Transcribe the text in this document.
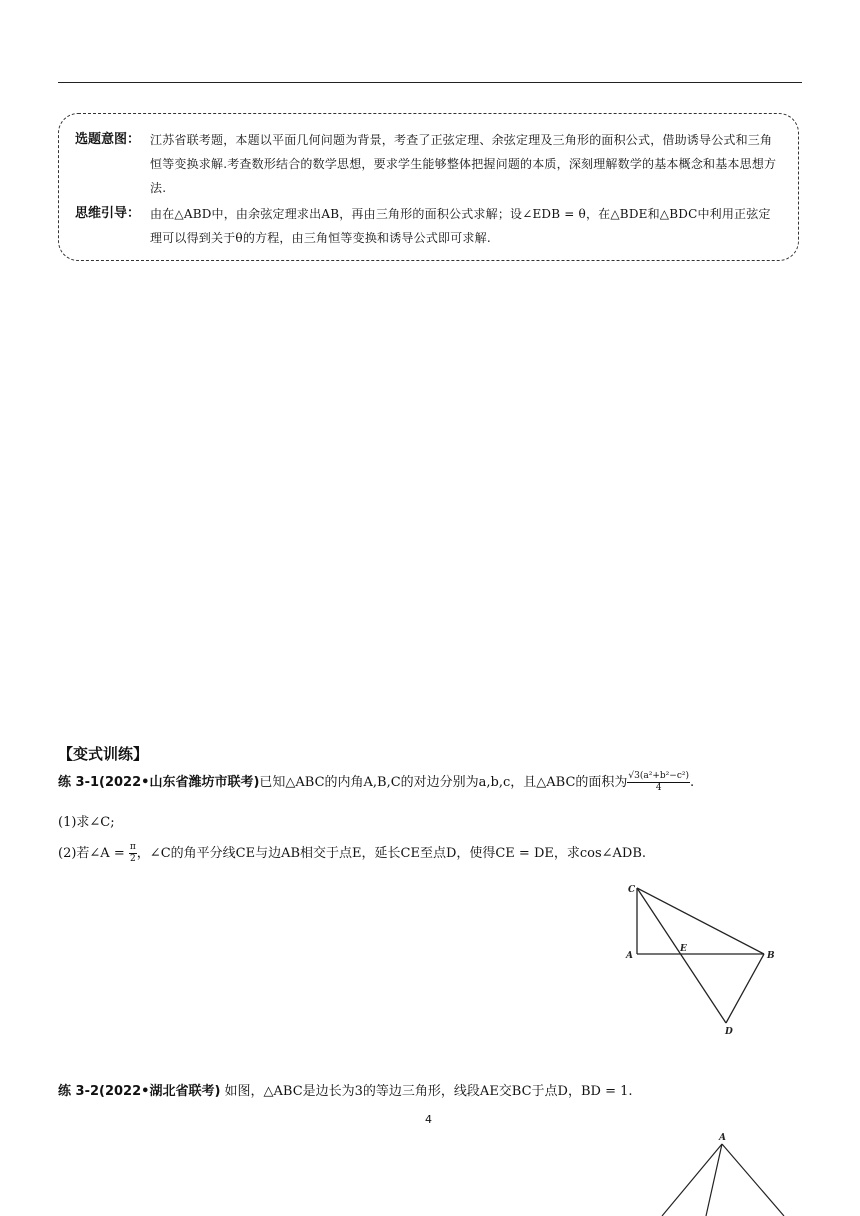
选题意图： 江苏省联考题，本题以平面几何问题为背景，考查了正弦定理、余弦定理及三角形的面积公式，借助诱导公式和三角恒等变换求解.考查数形结合的数学思想，要求学生能够整体把握问题的本质，深刻理解数学的基本概念和基本思想方法.
思维引导： 由在△ABD中，由余弦定理求出AB，再由三角形的面积公式求解；设∠EDB = θ，在△BDE和△BDC中利用正弦定理可以得到关于θ的方程，由三角恒等变换和诱导公式即可求解.
【变式训练】
练 3-1(2022•山东省潍坊市联考)已知△ABC的内角A,B,C的对边分别为a,b,c，且△ABC的面积为 $\frac{\text{√3(a²+b²−c²)}}{4}$ .
(1)求∠C;
(2)若∠A = $\frac{\pi}{2}$ ，∠C的角平分线CE与边AB相交于点E，延长CE至点D，使得CE = DE，求cos∠ADB.
C
A
E
B
D
练 3-2(2022•湖北省联考) 如图，△ABC是边长为3的等边三角形，线段AE交BC于点D，BD = 1.
4
A
